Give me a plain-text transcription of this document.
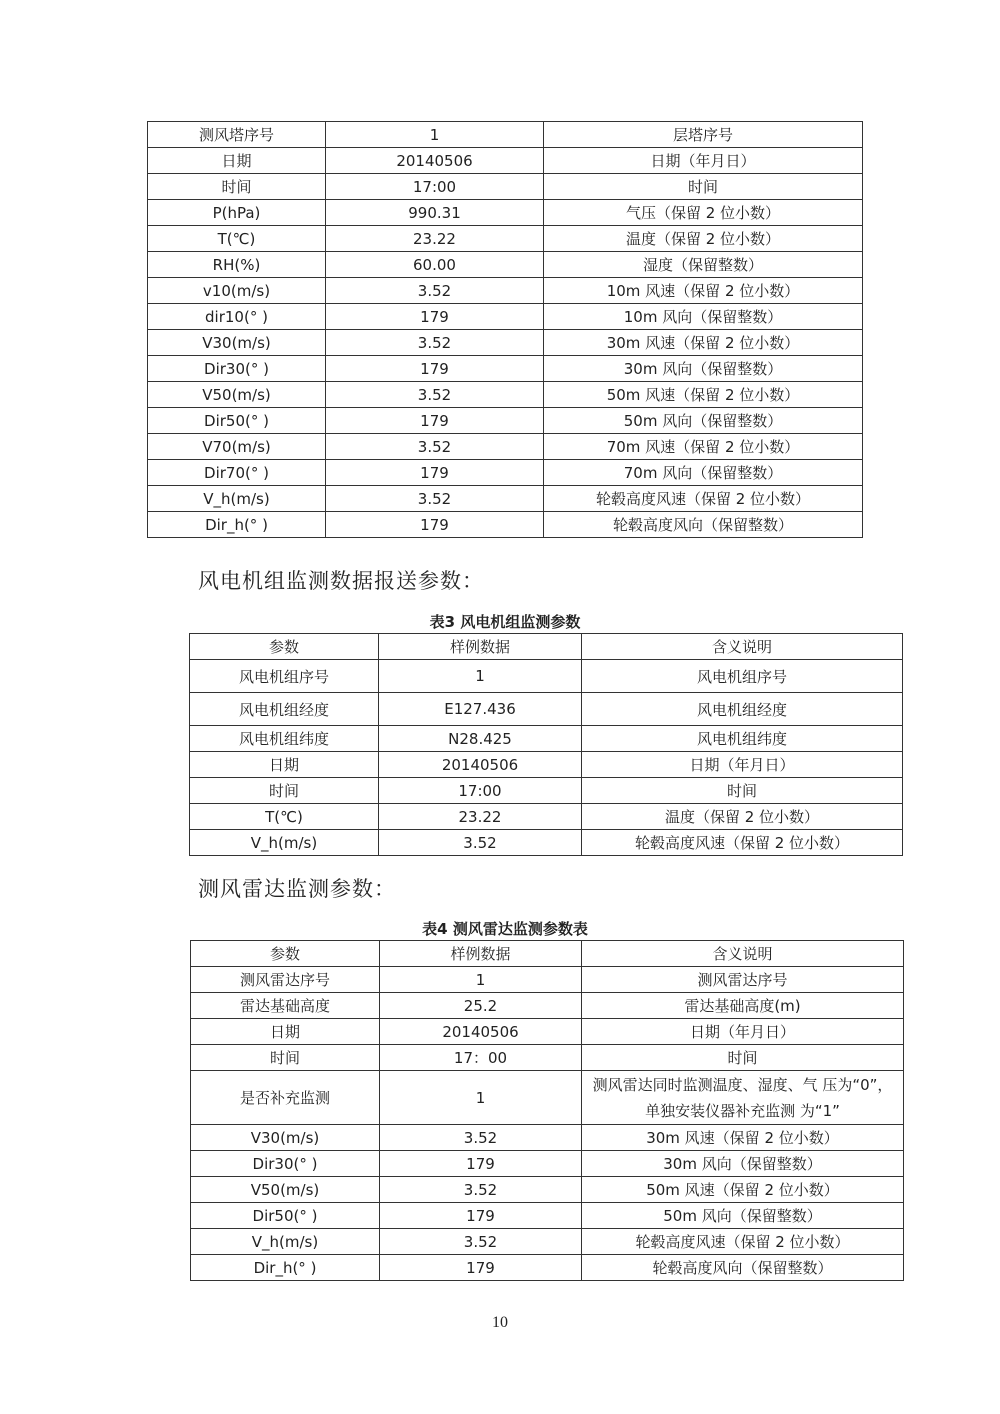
测风塔序号	1	层塔序号
日期	20140506	日期（年月日）
时间	17:00	时间
P(hPa)	990.31	气压（保留 2 位小数）
T(℃)	23.22	温度（保留 2 位小数）
RH(%)	60.00	湿度（保留整数）
v10(m/s)	3.52	10m 风速（保留 2 位小数）
dir10(° )	179	10m 风向（保留整数）
V30(m/s)	3.52	30m 风速（保留 2 位小数）
Dir30(° )	179	30m 风向（保留整数）
V50(m/s)	3.52	50m 风速（保留 2 位小数）
Dir50(° )	179	50m 风向（保留整数）
V70(m/s)	3.52	70m 风速（保留 2 位小数）
Dir70(° )	179	70m 风向（保留整数）
V_h(m/s)	3.52	轮毂高度风速（保留 2 位小数）
Dir_h(° )	179	轮毂高度风向（保留整数）
风电机组监测数据报送参数：
表3 风电机组监测参数
参数	样例数据	含义说明
风电机组序号	1	风电机组序号
风电机组经度	E127.436	风电机组经度
风电机组纬度	N28.425	风电机组纬度
日期	20140506	日期（年月日）
时间	17:00	时间
T(℃)	23.22	温度（保留 2 位小数）
V_h(m/s)	3.52	轮毂高度风速（保留 2 位小数）
测风雷达监测参数：
表4 测风雷达监测参数表
参数	样例数据	含义说明
测风雷达序号	1	测风雷达序号
雷达基础高度	25.2	雷达基础高度(m)
日期	20140506	日期（年月日）
时间	17：00	时间
是否补充监测	1	测风雷达同时监测温度、湿度、气 压为“0”，单独安装仪器补充监测 为“1”
V30(m/s)	3.52	30m 风速（保留 2 位小数）
Dir30(° )	179	30m 风向（保留整数）
V50(m/s)	3.52	50m 风速（保留 2 位小数）
Dir50(° )	179	50m 风向（保留整数）
V_h(m/s)	3.52	轮毂高度风速（保留 2 位小数）
Dir_h(° )	179	轮毂高度风向（保留整数）
10
